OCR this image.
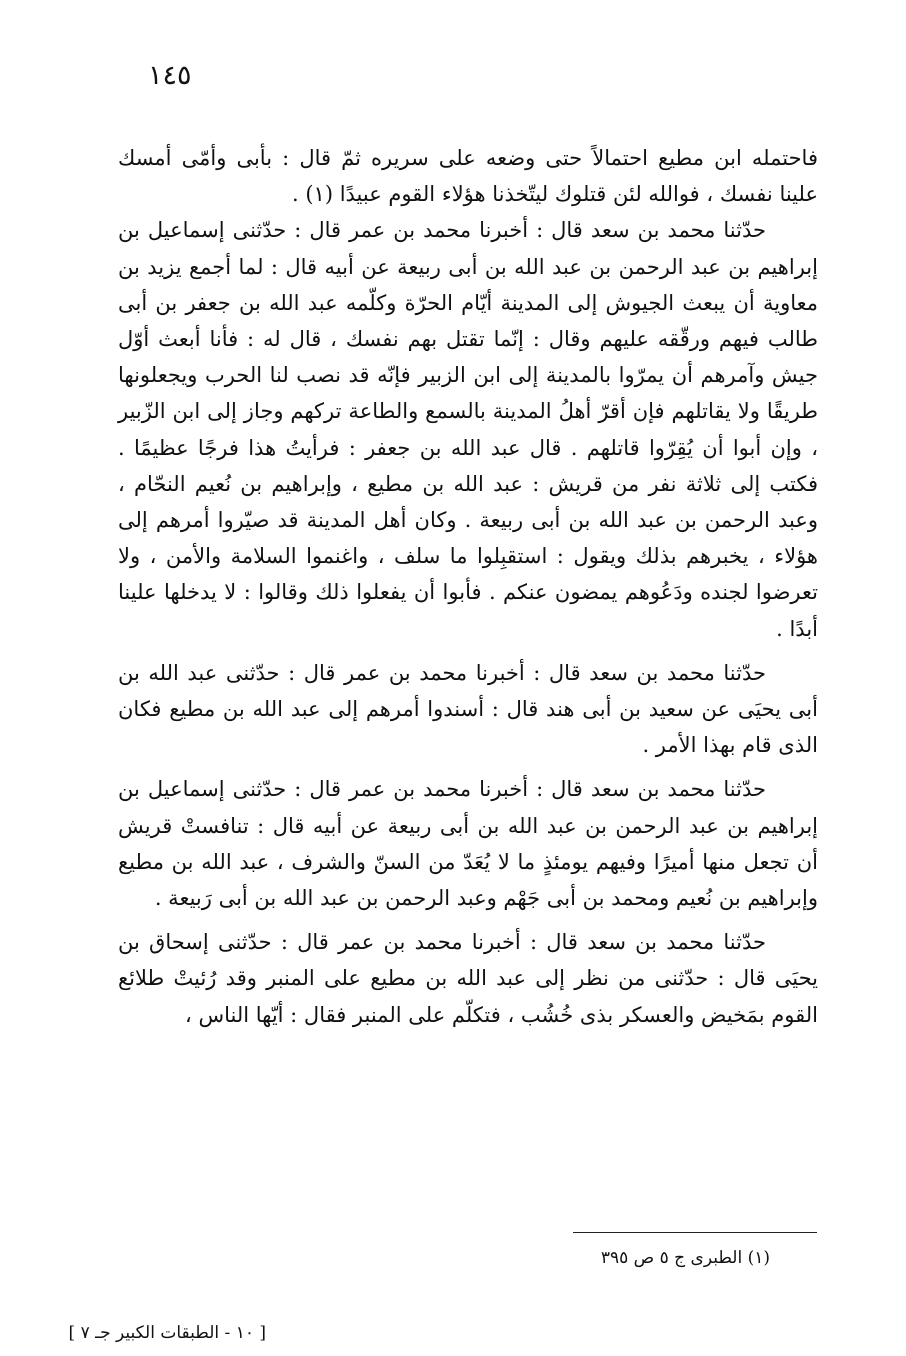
١٤٥

فاحتمله ابن مطيع احتمالاً حتى وضعه على سريره ثمّ قال : بأبى وأمّى أمسك علينا نفسك ، فوالله لئن قتلوك ليتّخذنا هؤلاء القوم عبيدًا (١) .

حدّثنا محمد بن سعد قال : أخبرنا محمد بن عمر قال : حدّثنى إسماعيل بن إبراهيم بن عبد الرحمن بن عبد الله بن أبى ربيعة عن أبيه قال : لما أجمع يزيد بن معاوية أن يبعث الجيوش إلى المدينة أيّام الحرّة وكلّمه عبد الله بن جعفر بن أبى طالب فيهم ورقّقه عليهم وقال : إنّما تقتل بهم نفسك ، قال له : فأنا أبعث أوّل جيش وآمرهم أن يمرّوا بالمدينة إلى ابن الزبير فإنّه قد نصب لنا الحرب ويجعلونها طريقًا ولا يقاتلهم فإن أقرّ أهلُ المدينة بالسمع والطاعة تركهم وجاز إلى ابن الزّبير ، وإن أبوا أن يُقِرّوا قاتلهم . قال عبد الله بن جعفر : فرأيتُ هذا فرجًا عظيمًا . فكتب إلى ثلاثة نفر من قريش : عبد الله بن مطيع ، وإبراهيم بن نُعيم النحّام ، وعبد الرحمن بن عبد الله بن أبى ربيعة . وكان أهل المدينة قد صيّروا أمرهم إلى هؤلاء ، يخبرهم بذلك ويقول : استقبِلوا ما سلف ، واغنموا السلامة والأمن ، ولا تعرضوا لجنده ودَعُوهم يمضون عنكم . فأبوا أن يفعلوا ذلك وقالوا : لا يدخلها علينا أبدًا .

حدّثنا محمد بن سعد قال : أخبرنا محمد بن عمر قال : حدّثنى عبد الله بن أبى يحيَى عن سعيد بن أبى هند قال : أسندوا أمرهم إلى عبد الله بن مطيع فكان الذى قام بهذا الأمر .

حدّثنا محمد بن سعد قال : أخبرنا محمد بن عمر قال : حدّثنى إسماعيل بن إبراهيم بن عبد الرحمن بن عبد الله بن أبى ربيعة عن أبيه قال : تنافستْ قريش أن تجعل منها أميرًا وفيهم يومئذٍ ما لا يُعَدّ من السنّ والشرف ، عبد الله بن مطيع وإبراهيم بن نُعيم ومحمد بن أبى جَهْم وعبد الرحمن بن عبد الله بن أبى رَبيعة .

حدّثنا محمد بن سعد قال : أخبرنا محمد بن عمر قال : حدّثنى إسحاق بن يحيَى قال : حدّثنى من نظر إلى عبد الله بن مطيع على المنبر وقد رُئيتْ طلائع القوم بمَخيض والعسكر بذى خُشُب ، فتكلّم على المنبر فقال : أيّها الناس ،

(١) الطبرى ج ٥ ص ٣٩٥
[ ١٠ - الطبقات الكبير جـ ٧ ]
